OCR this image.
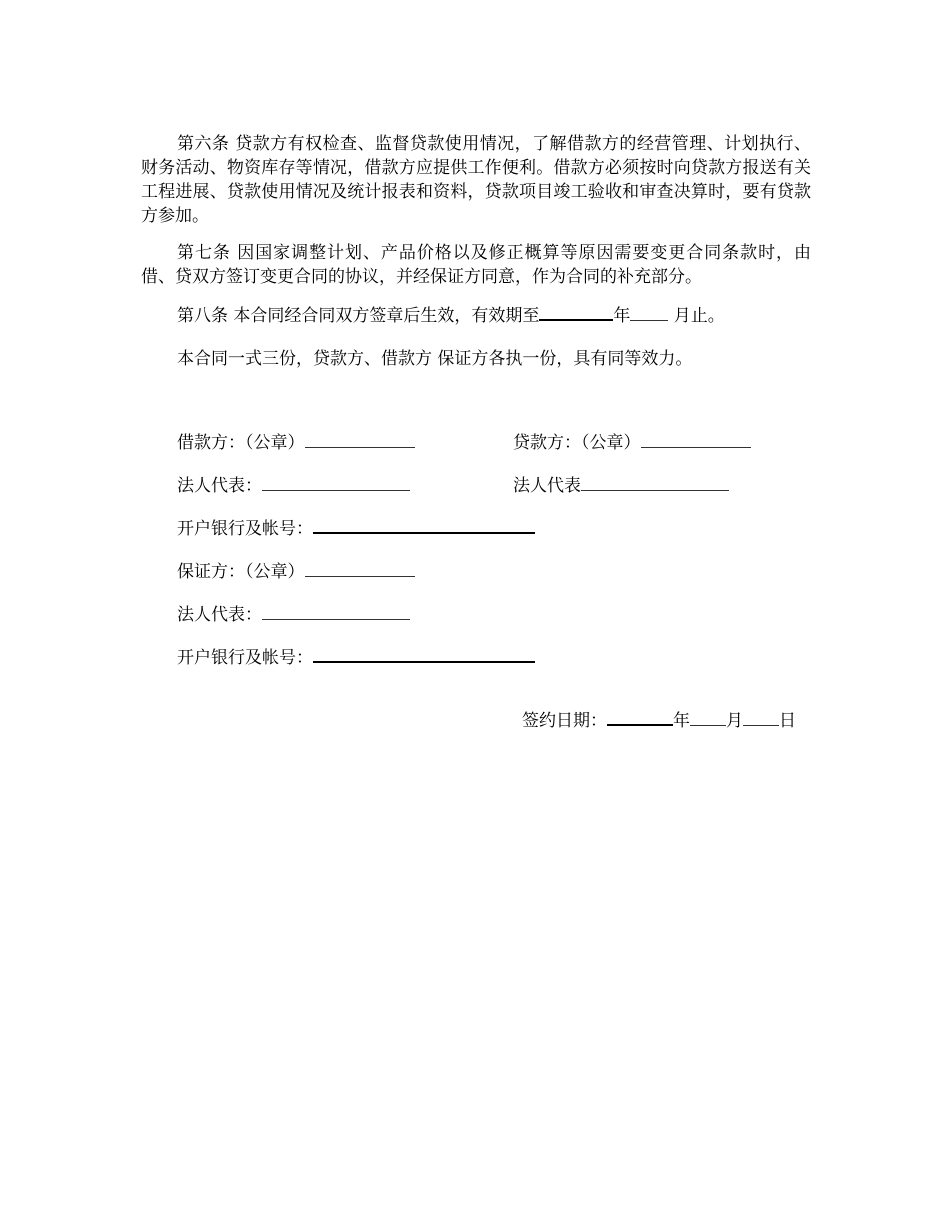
第六条 贷款方有权检查、监督贷款使用情况，了解借款方的经营管理、计划执行、财务活动、物资库存等情况，借款方应提供工作便利。借款方必须按时向贷款方报送有关工程进展、贷款使用情况及统计报表和资料，贷款项目竣工验收和审查决算时，要有贷款方参加。

第七条 因国家调整计划、产品价格以及修正概算等原因需要变更合同条款时，由借、贷双方签订变更合同的协议，并经保证方同意，作为合同的补充部分。

第八条 本合同经合同双方签章后生效，有效期至	年 月止。

本合同一式三份，贷款方、借款方 保证方各执一份，具有同等效力。

借款方：（公章）	贷款方：（公章）

法人代表：	法人代表

开户银行及帐号：

保证方：（公章）

法人代表：

开户银行及帐号：

签约日期：	年 月 日
